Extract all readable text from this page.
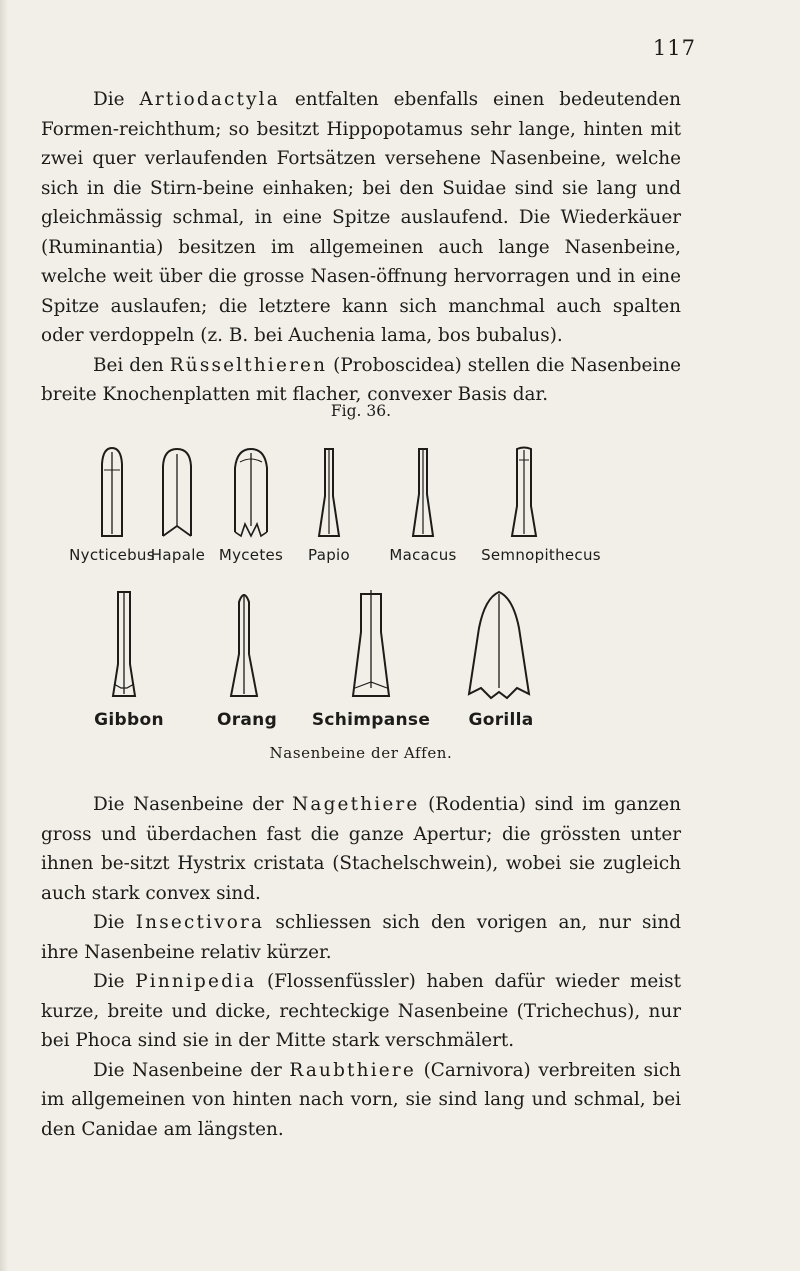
117

Die Artiodactyla entfalten ebenfalls einen bedeutenden Formen-reichthum; so besitzt Hippopotamus sehr lange, hinten mit zwei quer verlaufenden Fortsätzen versehene Nasenbeine, welche sich in die Stirn-beine einhaken; bei den Suidae sind sie lang und gleichmässig schmal, in eine Spitze auslaufend. Die Wiederkäuer (Ruminantia) besitzen im allgemeinen auch lange Nasenbeine, welche weit über die grosse Nasen-öffnung hervorragen und in eine Spitze auslaufen; die letztere kann sich manchmal auch spalten oder verdoppeln (z. B. bei Auchenia lama, bos bubalus).

Bei den Rüsselthieren (Proboscidea) stellen die Nasenbeine breite Knochenplatten mit flacher, convexer Basis dar.

Fig. 36.
Nycticebus
Hapale Mycetes Papio	Macacus Semnopithecus
Gibbon	Orang Schimpanse Gorilla
Nasenbeine der Affen.

Die Nasenbeine der Nagethiere (Rodentia) sind im ganzen gross und überdachen fast die ganze Apertur; die grössten unter ihnen be-sitzt Hystrix cristata (Stachelschwein), wobei sie zugleich auch stark convex sind.

Die Insectivora schliessen sich den vorigen an, nur sind ihre Nasenbeine relativ kürzer.

Die Pinnipedia (Flossenfüssler) haben dafür wieder meist kurze, breite und dicke, rechteckige Nasenbeine (Trichechus), nur bei Phoca sind sie in der Mitte stark verschmälert.

Die Nasenbeine der Raubthiere (Carnivora) verbreiten sich im allgemeinen von hinten nach vorn, sie sind lang und schmal, bei den Canidae am längsten.
